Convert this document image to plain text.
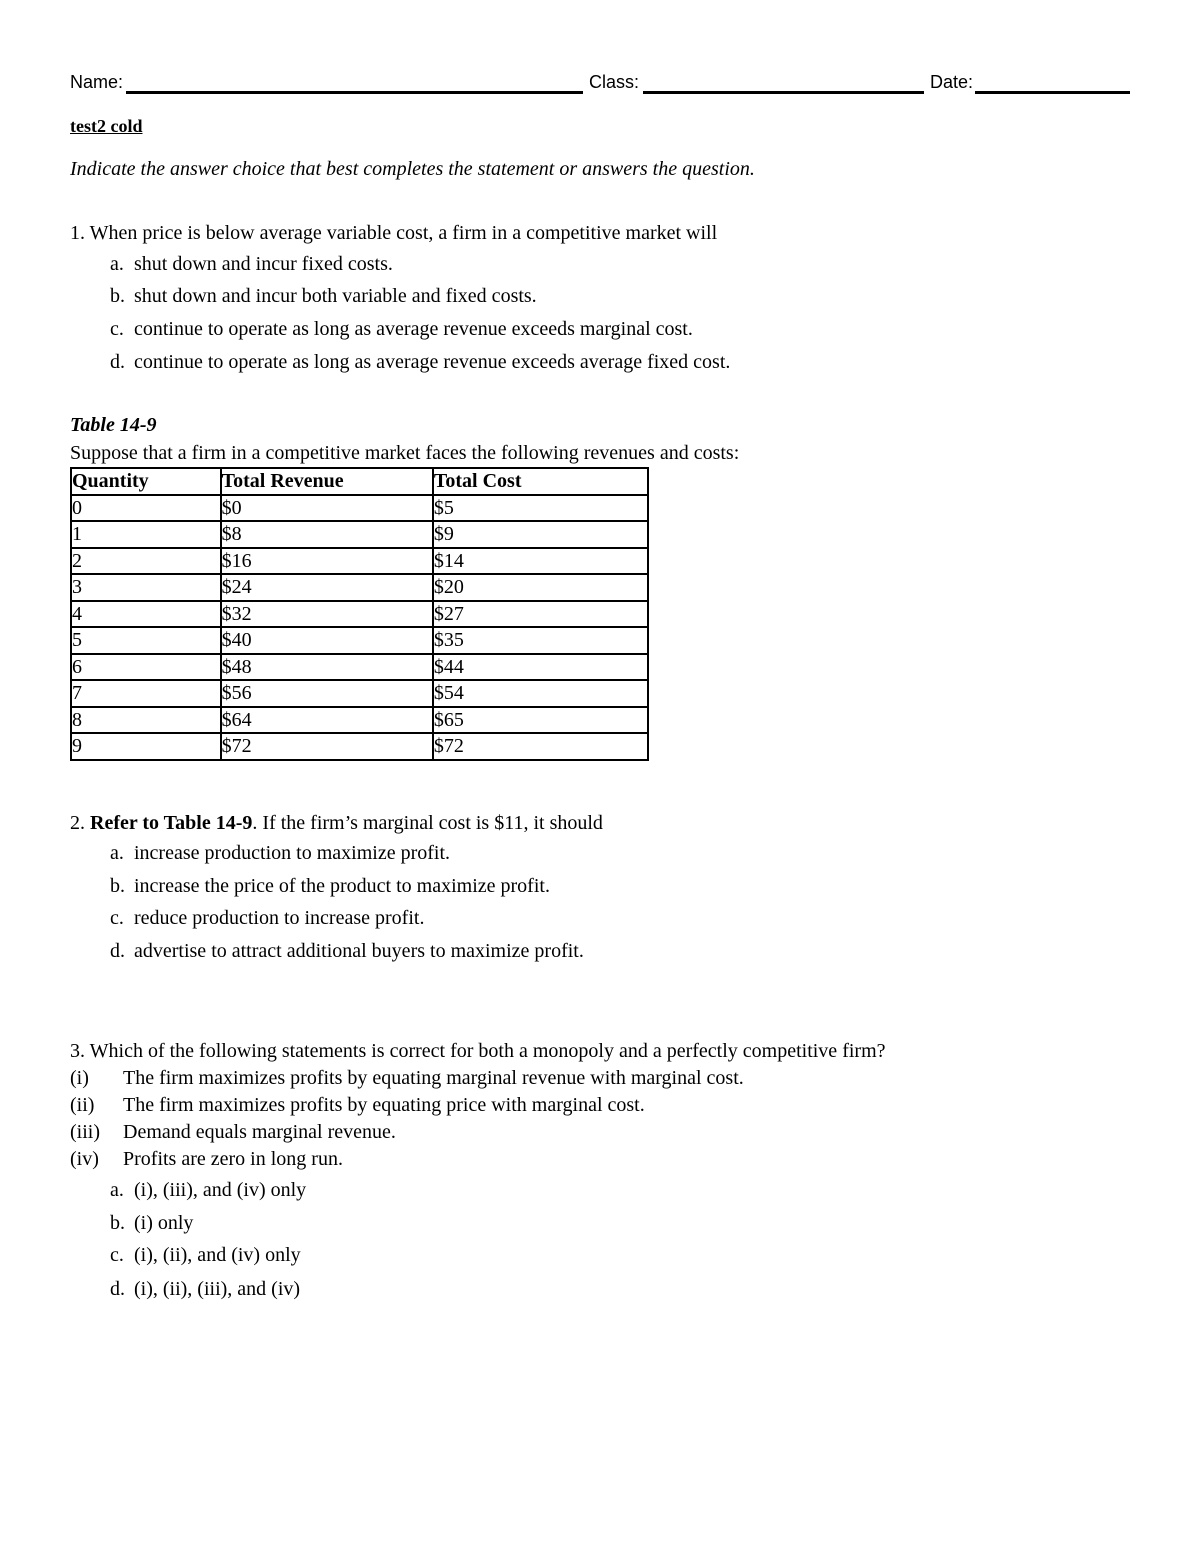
Name:	Class:	Date:
test2 cold
Indicate the answer choice that best completes the statement or answers the question.
1. When price is below average variable cost, a firm in a competitive market will
a. shut down and incur fixed costs.
b. shut down and incur both variable and fixed costs.
c. continue to operate as long as average revenue exceeds marginal cost.
d. continue to operate as long as average revenue exceeds average fixed cost.
Table 14-9
Suppose that a firm in a competitive market faces the following revenues and costs:
Quantity	Total Revenue	Total Cost
0	$0	$5
1	$8	$9
2	$16	$14
3	$24	$20
4	$32	$27
5	$40	$35
6	$48	$44
7	$56	$54
8	$64	$65
9	$72	$72
2. Refer to Table 14-9. If the firm’s marginal cost is $11, it should
a. increase production to maximize profit.
b. increase the price of the product to maximize profit.
c. reduce production to increase profit.
d. advertise to attract additional buyers to maximize profit.
3. Which of the following statements is correct for both a monopoly and a perfectly competitive firm?
(i) The firm maximizes profits by equating marginal revenue with marginal cost.
(ii) The firm maximizes profits by equating price with marginal cost.
(iii) Demand equals marginal revenue.
(iv) Profits are zero in long run.
a. (i), (iii), and (iv) only
b. (i) only
c. (i), (ii), and (iv) only
d. (i), (ii), (iii), and (iv)
